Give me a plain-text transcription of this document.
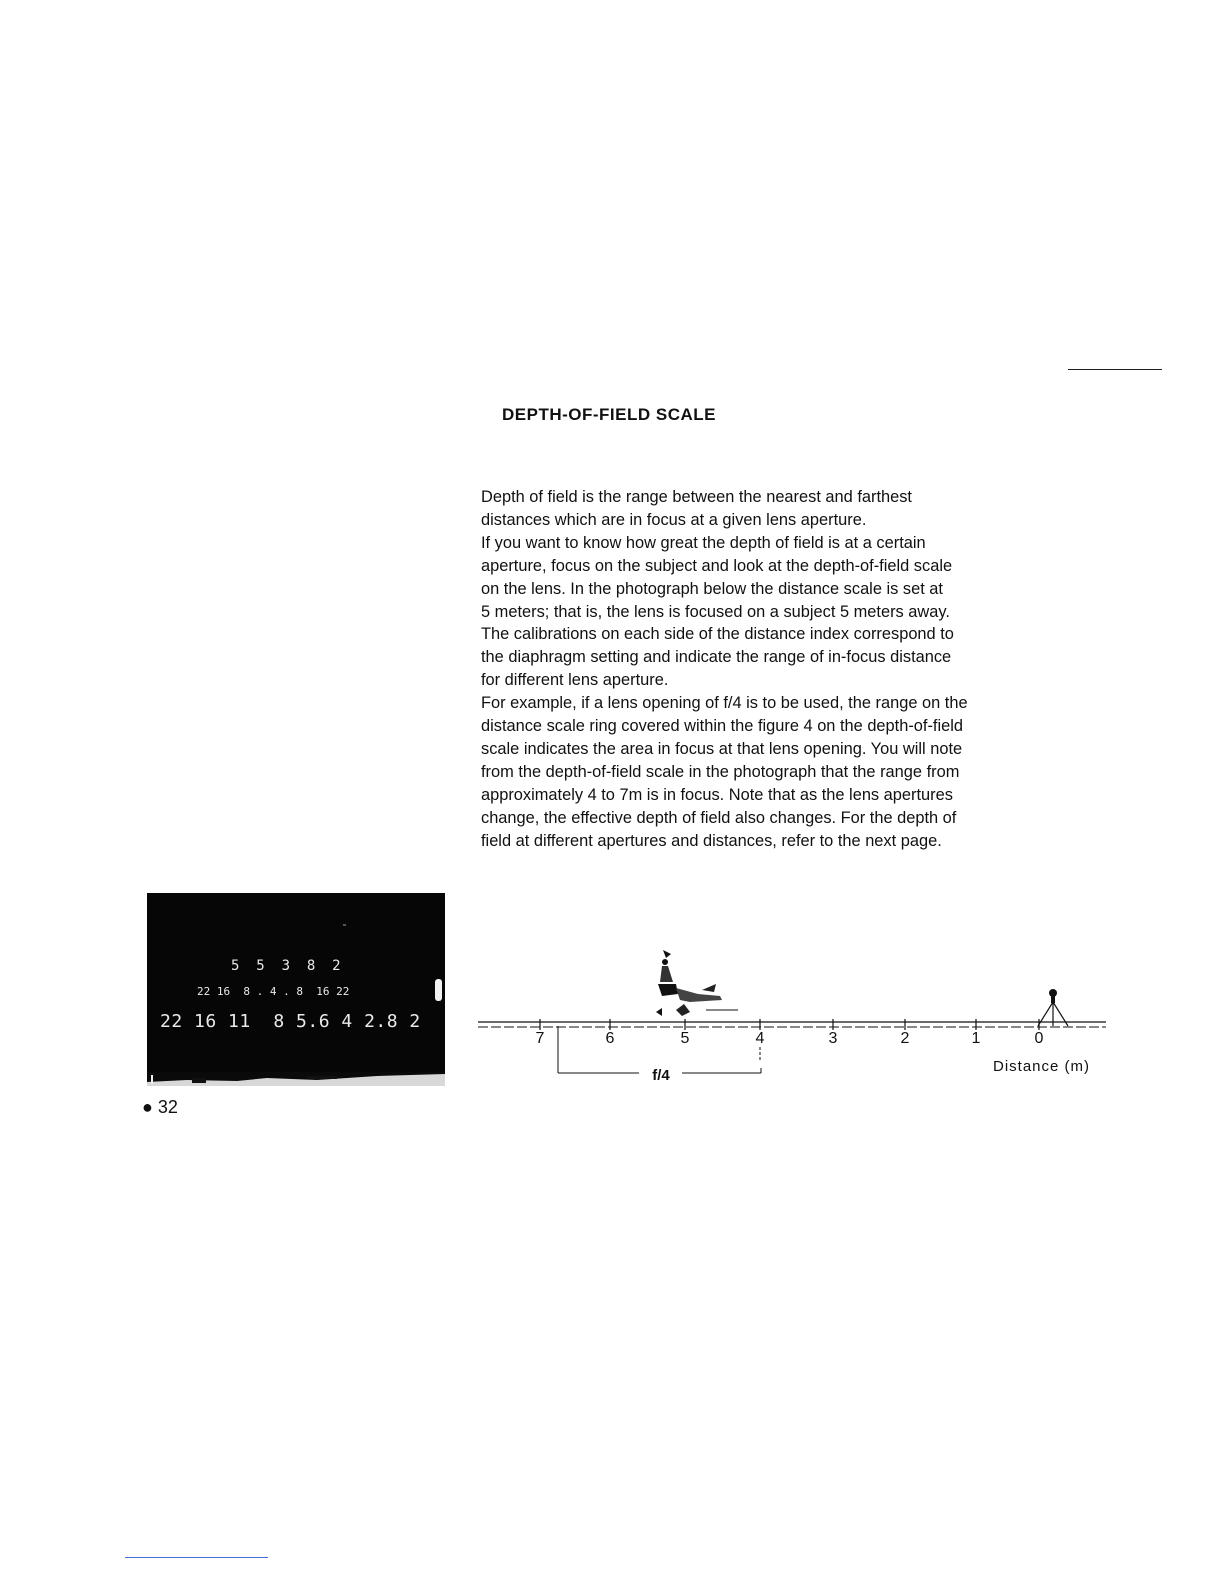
DEPTH-OF-FIELD SCALE

Depth of field is the range between the nearest and farthest

distances which are in focus at a given lens aperture.

If you want to know how great the depth of field is at a certain

aperture, focus on the subject and look at the depth-of-field scale

on the lens. In the photograph below the distance scale is set at

5 meters; that is, the lens is focused on a subject 5 meters away.

The calibrations on each side of the distance index correspond to

the diaphragm setting and indicate the range of in-focus distance

for different lens aperture.

For example, if a lens opening of f/4 is to be used, the range on the

distance scale ring covered within the figure 4 on the depth-of-field

scale indicates the area in focus at that lens opening. You will note

from the depth-of-field scale in the photograph that the range from

approximately 4 to 7m is in focus. Note that as the lens apertures

change, the effective depth of field also changes. For the depth of

field at different apertures and distances, refer to the next page.

5  5  3  8  2
22 16  8 . 4 . 8  16 22
22 16 11  8 5.6 4 2.8 2
● 32
f/4
Distance (m)
7	6	5	4	3	2	1	0
